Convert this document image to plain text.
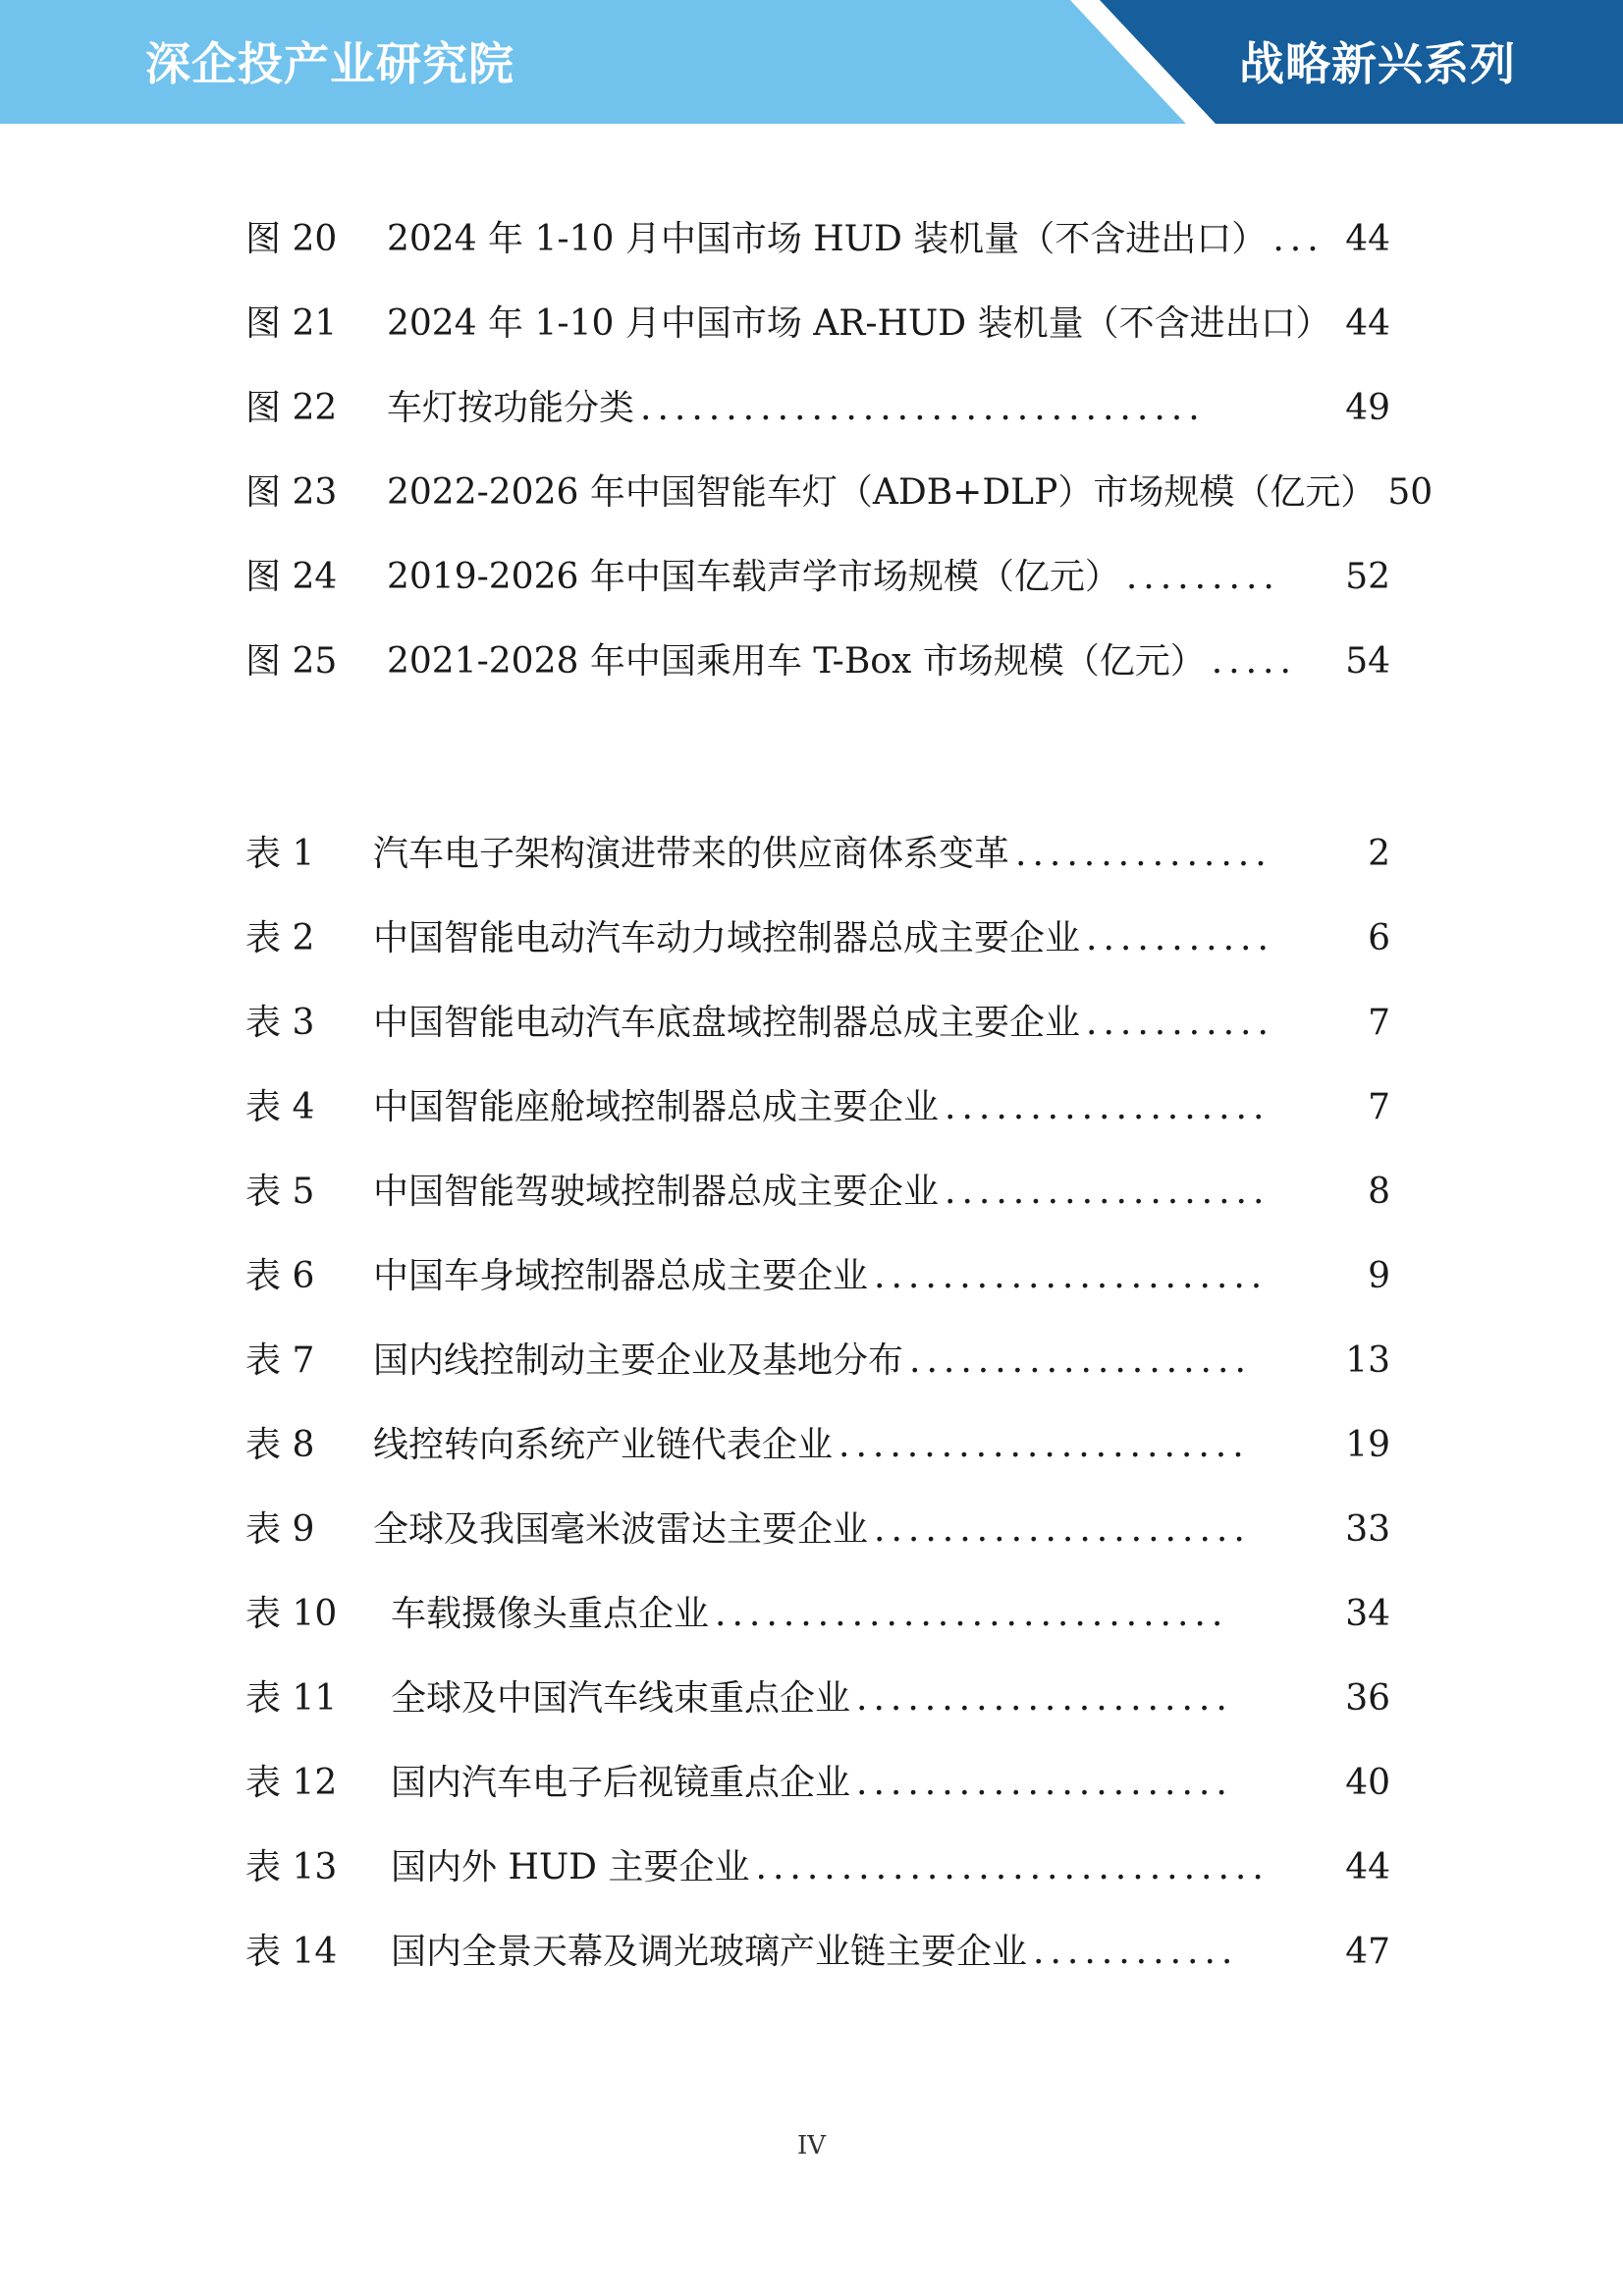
深企投产业研究院	战略新兴系列
图 20	2024 年 1-10 月中国市场 HUD 装机量（不含进出口） ... 44
图 21	2024 年 1-10 月中国市场 AR-HUD 装机量（不含进出口） 44
图 22	车灯按功能分类 .................................	49
图 23	2022-2026 年中国智能车灯（ADB+DLP）市场规模（亿元） 50
图 24	2019-2026 年中国车载声学市场规模（亿元） .........	52
图 25	2021-2028 年中国乘用车 T-Box 市场规模（亿元） .....	54
表 1	汽车电子架构演进带来的供应商体系变革 ...............	2
表 2	中国智能电动汽车动力域控制器总成主要企业 ...........	6
表 3	中国智能电动汽车底盘域控制器总成主要企业 ...........	7
表 4	中国智能座舱域控制器总成主要企业 ...................	7
表 5	中国智能驾驶域控制器总成主要企业 ...................	8
表 6	中国车身域控制器总成主要企业 .......................	9
表 7	国内线控制动主要企业及基地分布 ....................	13
表 8	线控转向系统产业链代表企业 ........................	19
表 9	全球及我国毫米波雷达主要企业 ......................	33
表 10	车载摄像头重点企业 ..............................	34
表 11	全球及中国汽车线束重点企业 ......................	36
表 12	国内汽车电子后视镜重点企业 ......................	40
表 13	国内外 HUD 主要企业 ..............................	44
表 14	国内全景天幕及调光玻璃产业链主要企业 ............	47
IV
